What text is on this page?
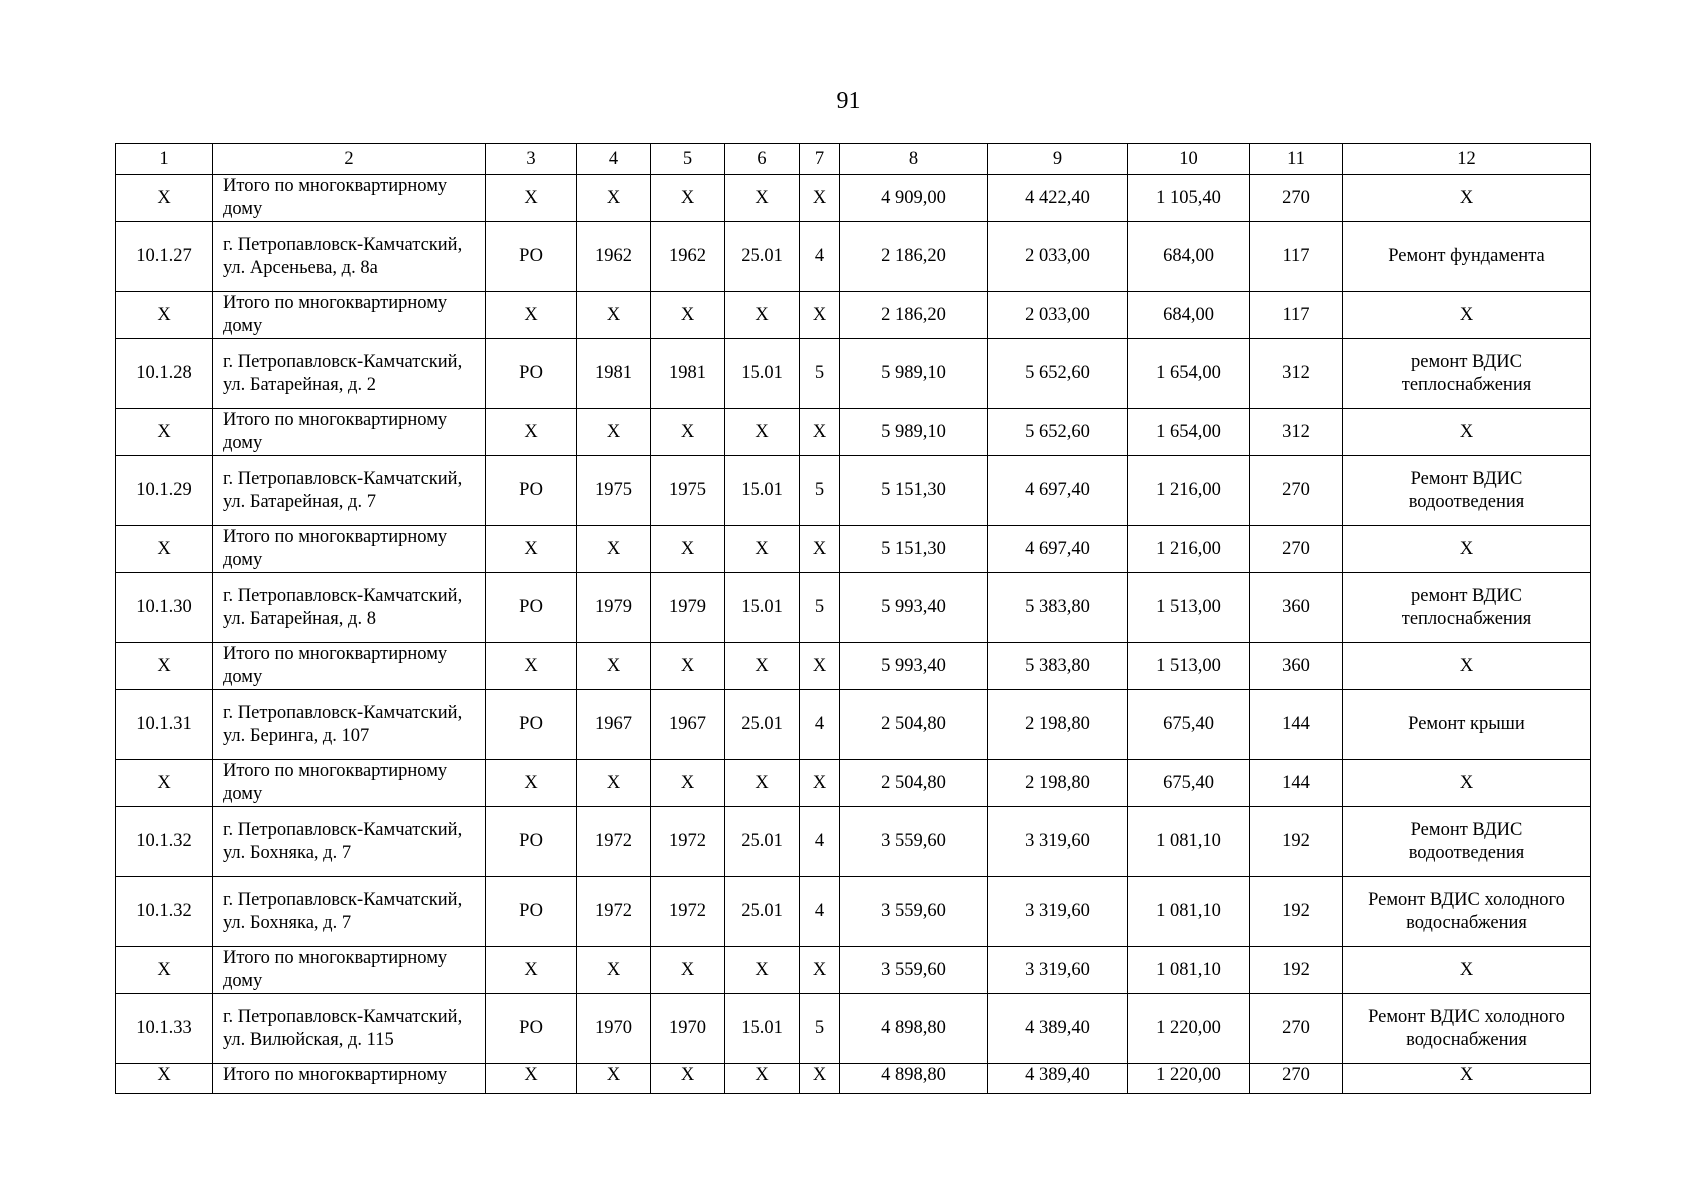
91
1	2	3	4	5	6	7	8	9	10	11	12
X	Итого по многоквартирному дому	X	X	X	X	X	4 909,00	4 422,40	1 105,40	270	X
10.1.27	г. Петропавловск-Камчатский, ул. Арсеньева, д. 8а	РО	1962	1962	25.01	4	2 186,20	2 033,00	684,00	117	Ремонт фундамента
X	Итого по многоквартирному дому	X	X	X	X	X	2 186,20	2 033,00	684,00	117	X
10.1.28	г. Петропавловск-Камчатский, ул. Батарейная, д. 2	РО	1981	1981	15.01	5	5 989,10	5 652,60	1 654,00	312	ремонт ВДИС теплоснабжения
X	Итого по многоквартирному дому	X	X	X	X	X	5 989,10	5 652,60	1 654,00	312	X
10.1.29	г. Петропавловск-Камчатский, ул. Батарейная, д. 7	РО	1975	1975	15.01	5	5 151,30	4 697,40	1 216,00	270	Ремонт ВДИС водоотведения
X	Итого по многоквартирному дому	X	X	X	X	X	5 151,30	4 697,40	1 216,00	270	X
10.1.30	г. Петропавловск-Камчатский, ул. Батарейная, д. 8	РО	1979	1979	15.01	5	5 993,40	5 383,80	1 513,00	360	ремонт ВДИС теплоснабжения
X	Итого по многоквартирному дому	X	X	X	X	X	5 993,40	5 383,80	1 513,00	360	X
10.1.31	г. Петропавловск-Камчатский, ул. Беринга, д. 107	РО	1967	1967	25.01	4	2 504,80	2 198,80	675,40	144	Ремонт крыши
X	Итого по многоквартирному дому	X	X	X	X	X	2 504,80	2 198,80	675,40	144	X
10.1.32	г. Петропавловск-Камчатский, ул. Бохняка, д. 7	РО	1972	1972	25.01	4	3 559,60	3 319,60	1 081,10	192	Ремонт ВДИС водоотведения
10.1.32	г. Петропавловск-Камчатский, ул. Бохняка, д. 7	РО	1972	1972	25.01	4	3 559,60	3 319,60	1 081,10	192	Ремонт ВДИС холодного водоснабжения
X	Итого по многоквартирному дому	X	X	X	X	X	3 559,60	3 319,60	1 081,10	192	X
10.1.33	г. Петропавловск-Камчатский, ул. Вилюйская, д. 115	РО	1970	1970	15.01	5	4 898,80	4 389,40	1 220,00	270	Ремонт ВДИС холодного водоснабжения
X	Итого по многоквартирному	X	X	X	X	X	4 898,80	4 389,40	1 220,00	270	X
